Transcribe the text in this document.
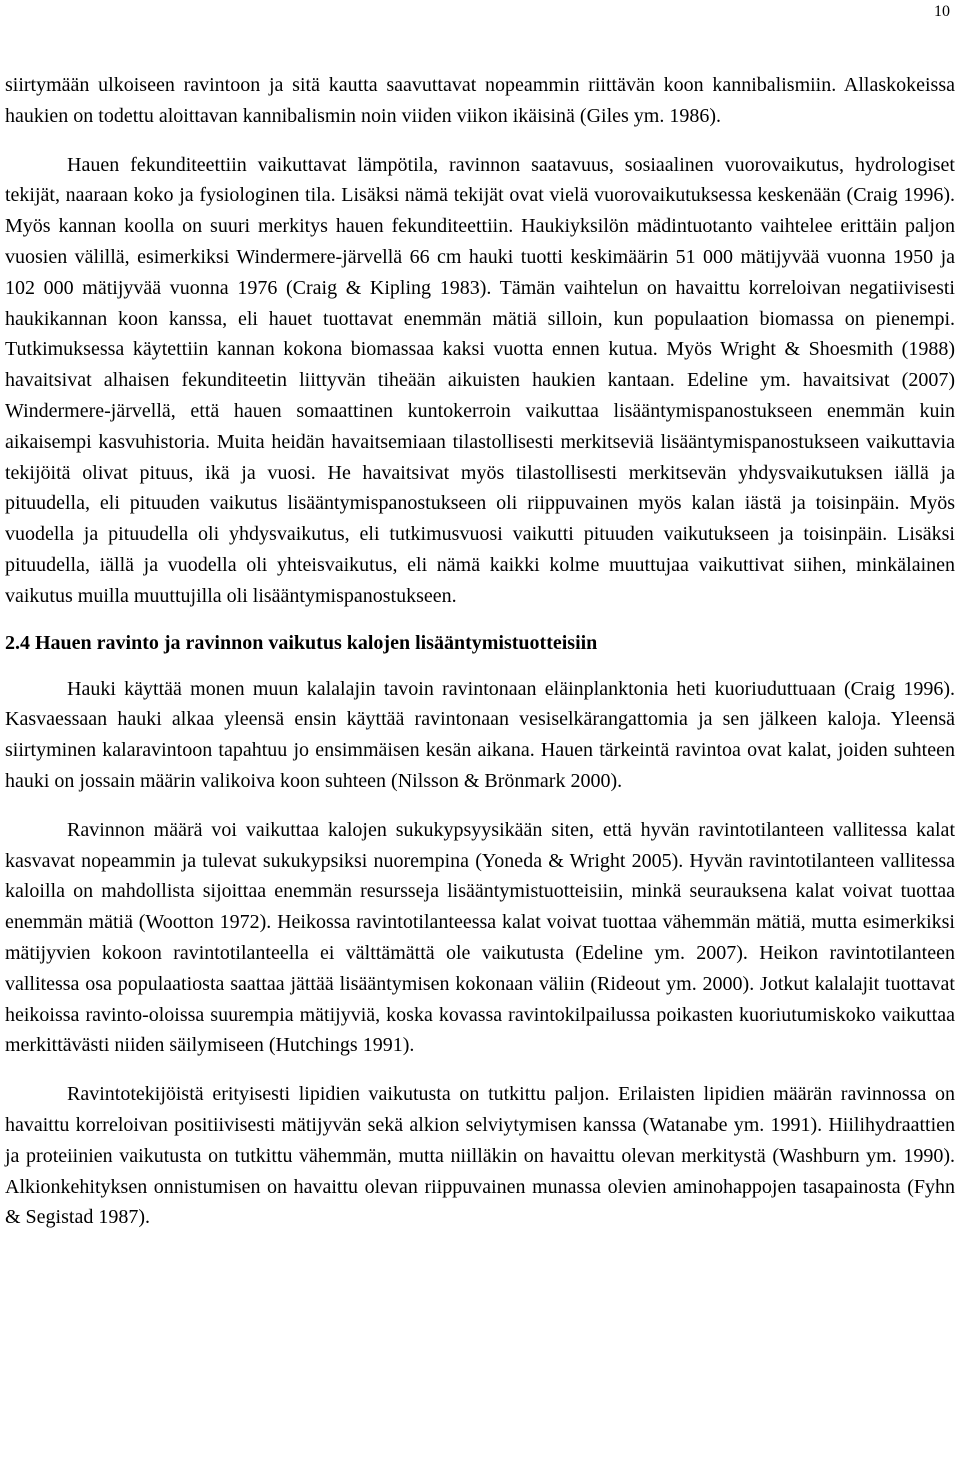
10

siirtymään ulkoiseen ravintoon ja sitä kautta saavuttavat nopeammin riittävän koon kannibalismiin. Allaskokeissa haukien on todettu aloittavan kannibalismin noin viiden viikon ikäisinä (Giles ym. 1986).

Hauen fekunditeettiin vaikuttavat lämpötila, ravinnon saatavuus, sosiaalinen vuorovaikutus, hydrologiset tekijät, naaraan koko ja fysiologinen tila. Lisäksi nämä tekijät ovat vielä vuorovaikutuksessa keskenään (Craig 1996). Myös kannan koolla on suuri merkitys hauen fekunditeettiin. Haukiyksilön mädintuotanto vaihtelee erittäin paljon vuosien välillä, esimerkiksi Windermere-järvellä 66 cm hauki tuotti keskimäärin 51 000 mätijyvää vuonna 1950 ja 102 000 mätijyvää vuonna 1976 (Craig & Kipling 1983). Tämän vaihtelun on havaittu korreloivan negatiivisesti haukikannan koon kanssa, eli hauet tuottavat enemmän mätiä silloin, kun populaation biomassa on pienempi. Tutkimuksessa käytettiin kannan kokona biomassaa kaksi vuotta ennen kutua. Myös Wright & Shoesmith (1988) havaitsivat alhaisen fekunditeetin liittyvän tiheään aikuisten haukien kantaan. Edeline ym. havaitsivat (2007) Windermere-järvellä, että hauen somaattinen kuntokerroin vaikuttaa lisääntymispanostukseen enemmän kuin aikaisempi kasvuhistoria. Muita heidän havaitsemiaan tilastollisesti merkitseviä lisääntymispanostukseen vaikuttavia tekijöitä olivat pituus, ikä ja vuosi. He havaitsivat myös tilastollisesti merkitsevän yhdysvaikutuksen iällä ja pituudella, eli pituuden vaikutus lisääntymispanostukseen oli riippuvainen myös kalan iästä ja toisinpäin. Myös vuodella ja pituudella oli yhdysvaikutus, eli tutkimusvuosi vaikutti pituuden vaikutukseen ja toisinpäin. Lisäksi pituudella, iällä ja vuodella oli yhteisvaikutus, eli nämä kaikki kolme muuttujaa vaikuttivat siihen, minkälainen vaikutus muilla muuttujilla oli lisääntymispanostukseen.

2.4 Hauen ravinto ja ravinnon vaikutus kalojen lisääntymistuotteisiin

Hauki käyttää monen muun kalalajin tavoin ravintonaan eläinplanktonia heti kuoriuduttuaan (Craig 1996). Kasvaessaan hauki alkaa yleensä ensin käyttää ravintonaan vesiselkärangattomia ja sen jälkeen kaloja. Yleensä siirtyminen kalaravintoon tapahtuu jo ensimmäisen kesän aikana. Hauen tärkeintä ravintoa ovat kalat, joiden suhteen hauki on jossain määrin valikoiva koon suhteen (Nilsson & Brönmark 2000).

Ravinnon määrä voi vaikuttaa kalojen sukukypsyysikään siten, että hyvän ravintotilanteen vallitessa kalat kasvavat nopeammin ja tulevat sukukypsiksi nuorempina (Yoneda & Wright 2005). Hyvän ravintotilanteen vallitessa kaloilla on mahdollista sijoittaa enemmän resursseja lisääntymistuotteisiin, minkä seurauksena kalat voivat tuottaa enemmän mätiä (Wootton 1972). Heikossa ravintotilanteessa kalat voivat tuottaa vähemmän mätiä, mutta esimerkiksi mätijyvien kokoon ravintotilanteella ei välttämättä ole vaikutusta (Edeline ym. 2007). Heikon ravintotilanteen vallitessa osa populaatiosta saattaa jättää lisääntymisen kokonaan väliin (Rideout ym. 2000). Jotkut kalalajit tuottavat heikoissa ravinto-oloissa suurempia mätijyviä, koska kovassa ravintokilpailussa poikasten kuoriutumiskoko vaikuttaa merkittävästi niiden säilymiseen (Hutchings 1991).

Ravintotekijöistä erityisesti lipidien vaikutusta on tutkittu paljon. Erilaisten lipidien määrän ravinnossa on havaittu korreloivan positiivisesti mätijyvän sekä alkion selviytymisen kanssa (Watanabe ym. 1991). Hiilihydraattien ja proteiinien vaikutusta on tutkittu vähemmän, mutta niilläkin on havaittu olevan merkitystä (Washburn ym. 1990). Alkionkehityksen onnistumisen on havaittu olevan riippuvainen munassa olevien aminohappojen tasapainosta (Fyhn & Segistad 1987).
